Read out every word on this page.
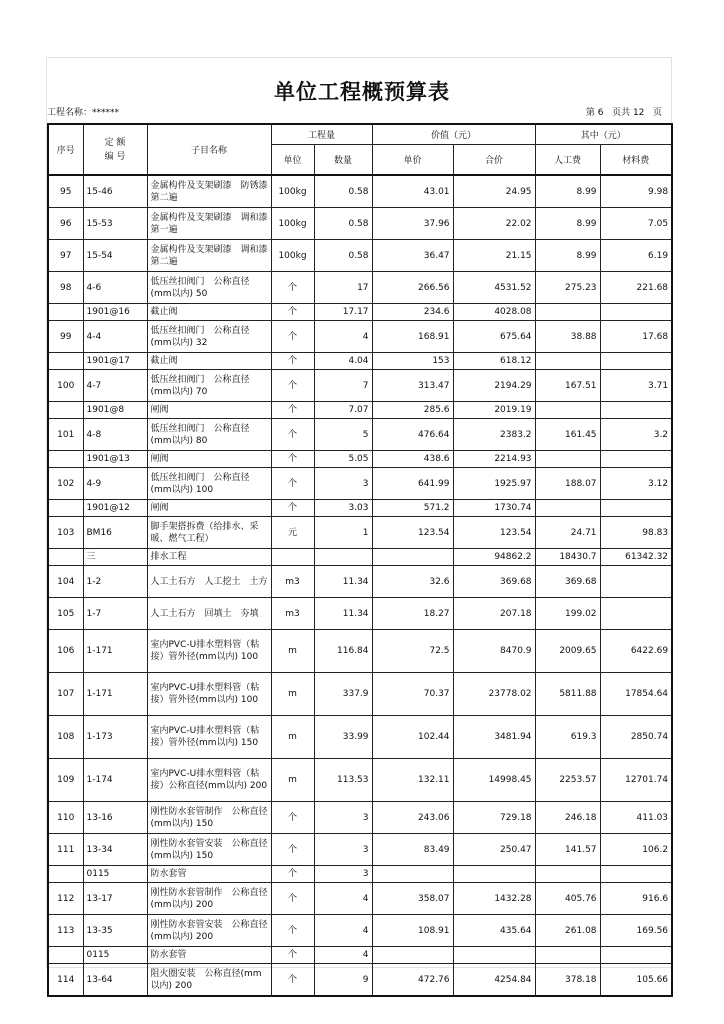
单位工程概预算表
工程名称：******	第 6   页共 12   页
序号	定 额
编 号	子目名称	工程量		价值（元）		其中（元）	
			单位	数量	单价	合价	人工费	材料费
95	15-46	金属构件及支架刷漆　防锈漆 第二遍	100kg	0.58	43.01	24.95	8.99	9.98
96	15-53	金属构件及支架刷漆　调和漆 第一遍	100kg	0.58	37.96	22.02	8.99	7.05
97	15-54	金属构件及支架刷漆　调和漆 第二遍	100kg	0.58	36.47	21.15	8.99	6.19
98	4-6	低压丝扣阀门　公称直径(mm以内) 50	个	17	266.56	4531.52	275.23	221.68
	1901@16	截止阀	个	17.17	234.6	4028.08		
99	4-4	低压丝扣阀门　公称直径(mm以内) 32	个	4	168.91	675.64	38.88	17.68
	1901@17	截止阀	个	4.04	153	618.12		
100	4-7	低压丝扣阀门　公称直径(mm以内) 70	个	7	313.47	2194.29	167.51	3.71
	1901@8	闸阀	个	7.07	285.6	2019.19		
101	4-8	低压丝扣阀门　公称直径(mm以内) 80	个	5	476.64	2383.2	161.45	3.2
	1901@13	闸阀	个	5.05	438.6	2214.93		
102	4-9	低压丝扣阀门　公称直径(mm以内) 100	个	3	641.99	1925.97	188.07	3.12
	1901@12	闸阀	个	3.03	571.2	1730.74		
103	BM16	脚手架搭拆费（给排水、采暖、燃气工程）	元	1	123.54	123.54	24.71	98.83
	三	排水工程				94862.2	18430.7	61342.32
104	1-2	人工土石方　人工挖土　土方	m3	11.34	32.6	369.68	369.68	
105	1-7	人工土石方　回填土　夯填	m3	11.34	18.27	207.18	199.02	
106	1-171	室内PVC-U排水塑料管（粘接）管外径(mm以内) 100	m	116.84	72.5	8470.9	2009.65	6422.69
107	1-171	室内PVC-U排水塑料管（粘接）管外径(mm以内) 100	m	337.9	70.37	23778.02	5811.88	17854.64
108	1-173	室内PVC-U排水塑料管（粘接）管外径(mm以内) 150	m	33.99	102.44	3481.94	619.3	2850.74
109	1-174	室内PVC-U排水塑料管（粘接）公称直径(mm以内) 200	m	113.53	132.11	14998.45	2253.57	12701.74
110	13-16	刚性防水套管制作　公称直径(mm以内) 150	个	3	243.06	729.18	246.18	411.03
111	13-34	刚性防水套管安装　公称直径(mm以内) 150	个	3	83.49	250.47	141.57	106.2
	0115	防水套管	个	3				
112	13-17	刚性防水套管制作　公称直径(mm以内) 200	个	4	358.07	1432.28	405.76	916.6
113	13-35	刚性防水套管安装　公称直径(mm以内) 200	个	4	108.91	435.64	261.08	169.56
	0115	防水套管	个	4				
114	13-64	阻火圈安装　公称直径(mm以内) 200	个	9	472.76	4254.84	378.18	105.66
